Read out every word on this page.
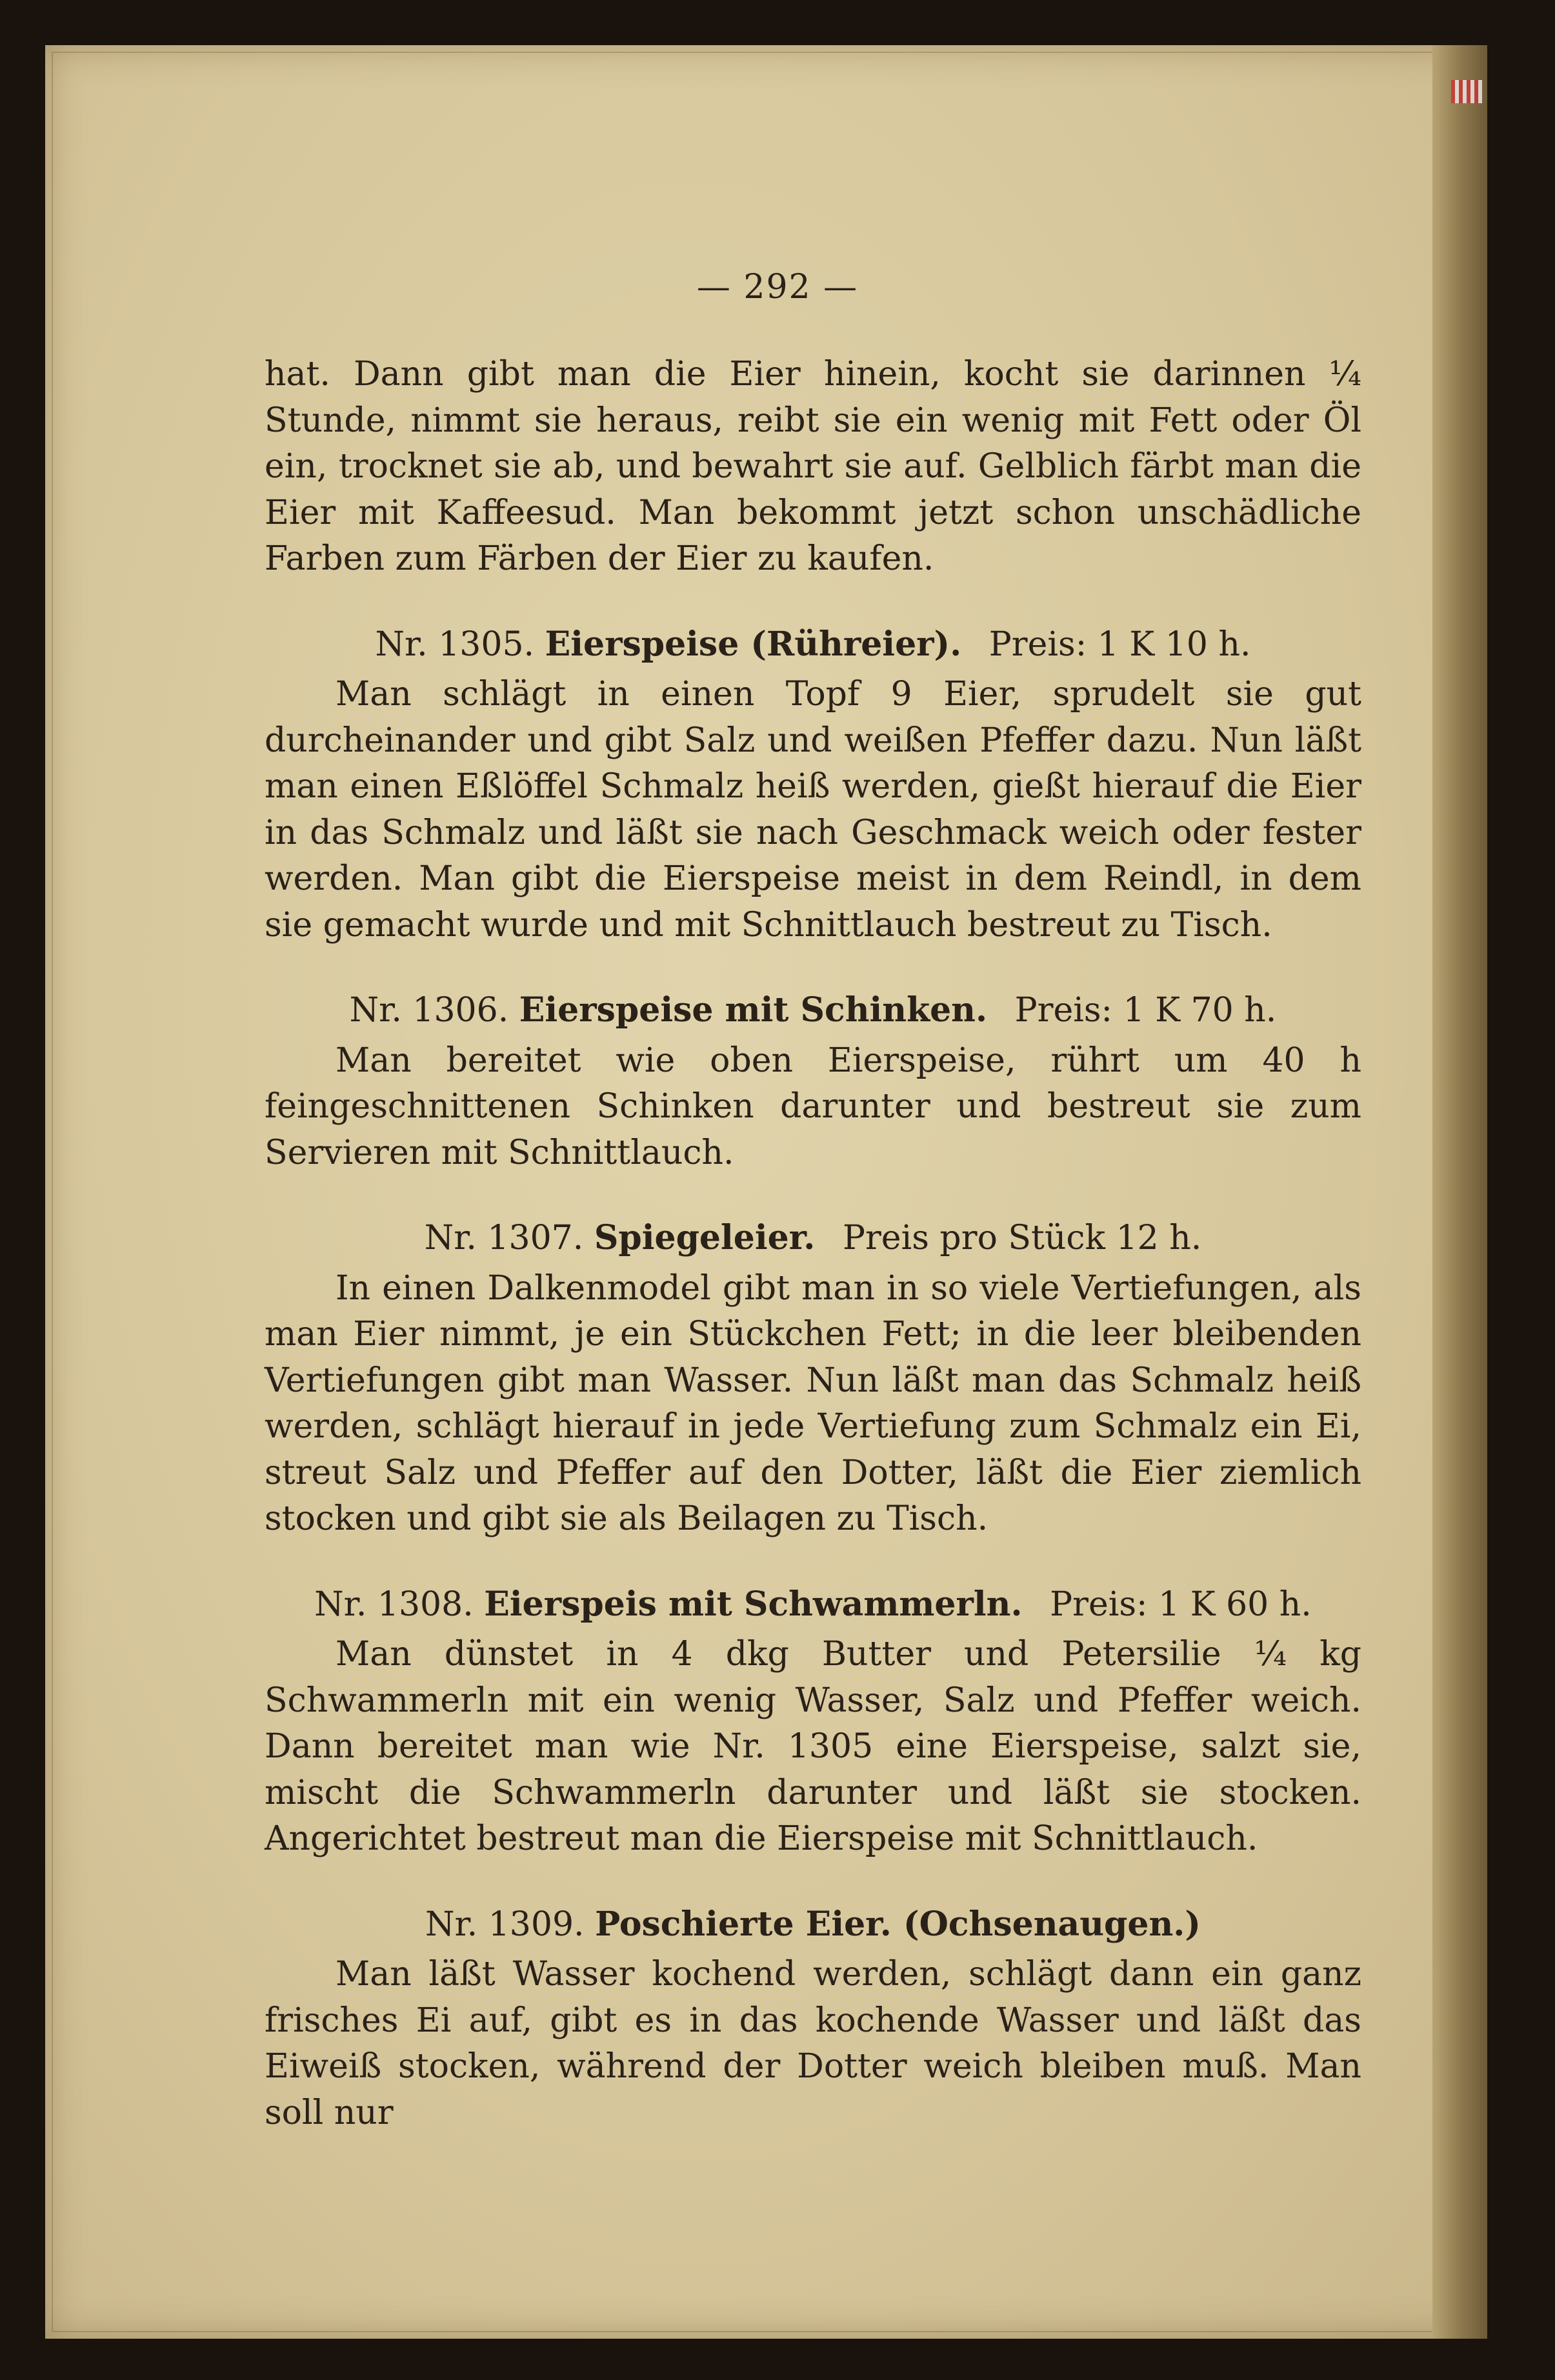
— 292 —

hat. Dann gibt man die Eier hinein, kocht sie darinnen ¼ Stunde, nimmt sie heraus, reibt sie ein wenig mit Fett oder Öl ein, trocknet sie ab, und bewahrt sie auf. Gelblich färbt man die Eier mit Kaffeesud. Man bekommt jetzt schon unschädliche Farben zum Färben der Eier zu kaufen.

Nr. 1305. Eierspeise (Rühreier). Preis: 1 K 10 h.

Man schlägt in einen Topf 9 Eier, sprudelt sie gut durcheinander und gibt Salz und weißen Pfeffer dazu. Nun läßt man einen Eßlöffel Schmalz heiß werden, gießt hierauf die Eier in das Schmalz und läßt sie nach Geschmack weich oder fester werden. Man gibt die Eierspeise meist in dem Reindl, in dem sie gemacht wurde und mit Schnittlauch bestreut zu Tisch.

Nr. 1306. Eierspeise mit Schinken. Preis: 1 K 70 h.

Man bereitet wie oben Eierspeise, rührt um 40 h feingeschnittenen Schinken darunter und bestreut sie zum Servieren mit Schnittlauch.

Nr. 1307. Spiegeleier. Preis pro Stück 12 h.

In einen Dalkenmodel gibt man in so viele Vertiefungen, als man Eier nimmt, je ein Stückchen Fett; in die leer bleibenden Vertiefungen gibt man Wasser. Nun läßt man das Schmalz heiß werden, schlägt hierauf in jede Vertiefung zum Schmalz ein Ei, streut Salz und Pfeffer auf den Dotter, läßt die Eier ziemlich stocken und gibt sie als Beilagen zu Tisch.

Nr. 1308. Eierspeis mit Schwammerln. Preis: 1 K 60 h.

Man dünstet in 4 dkg Butter und Petersilie ¼ kg Schwammerln mit ein wenig Wasser, Salz und Pfeffer weich. Dann bereitet man wie Nr. 1305 eine Eierspeise, salzt sie, mischt die Schwammerln darunter und läßt sie stocken. Angerichtet bestreut man die Eierspeise mit Schnittlauch.

Nr. 1309. Poschierte Eier. (Ochsenaugen.)

Man läßt Wasser kochend werden, schlägt dann ein ganz frisches Ei auf, gibt es in das kochende Wasser und läßt das Eiweiß stocken, während der Dotter weich bleiben muß. Man soll nur
